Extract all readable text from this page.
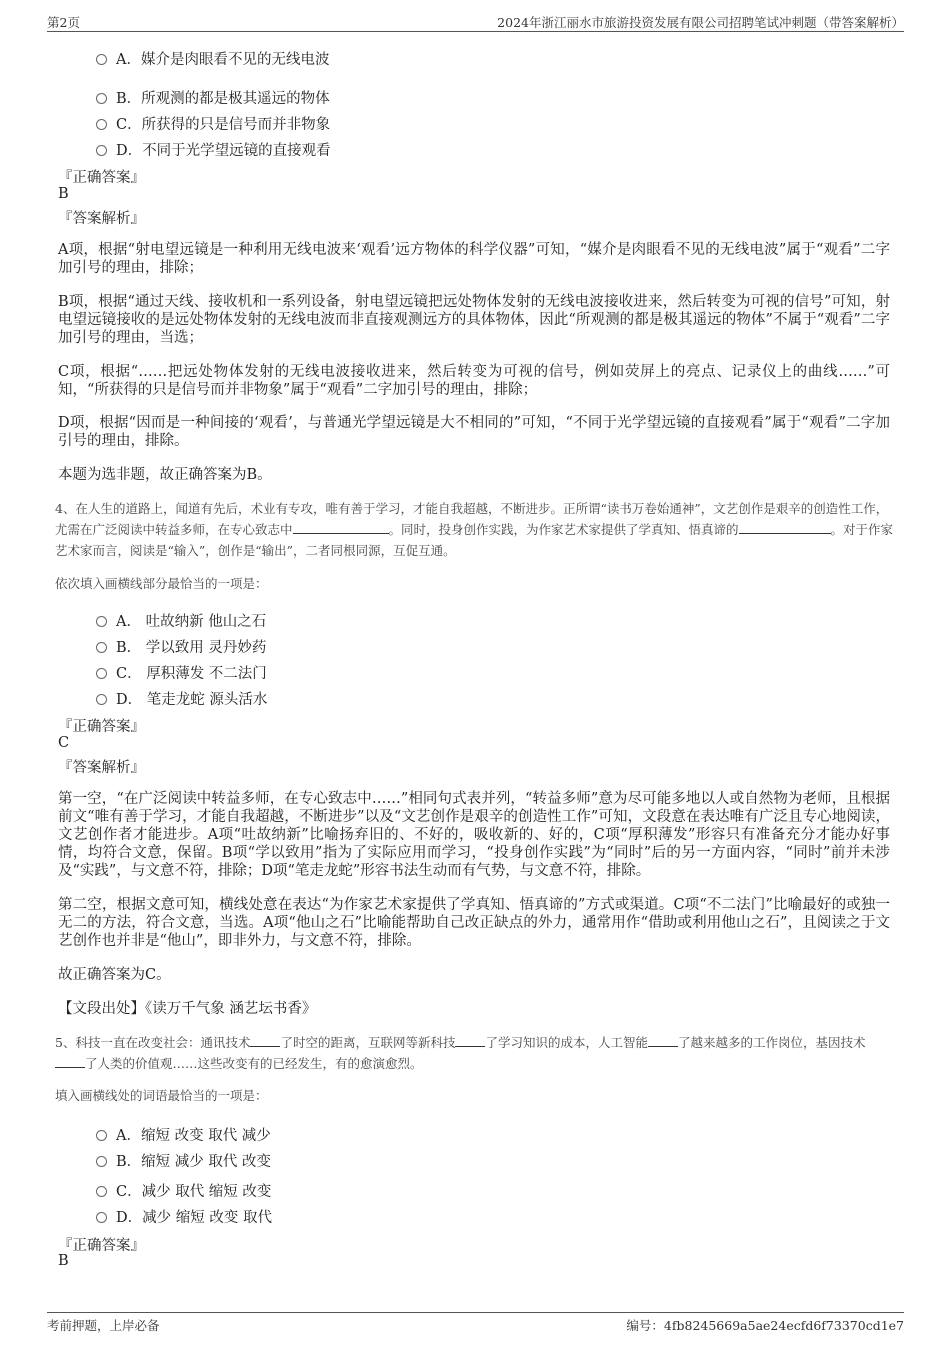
第2页	2024年浙江丽水市旅游投资发展有限公司招聘笔试冲刺题（带答案解析）
A．媒介是肉眼看不见的无线电波
B．所观测的都是极其遥远的物体
C．所获得的只是信号而并非物象
D．不同于光学望远镜的直接观看
『正确答案』
B
『答案解析』
A项，根据“射电望远镜是一种利用无线电波来‘观看’远方物体的科学仪器”可知，“媒介是肉眼看不见的无线电波”属于“观看”二字加引号的理由，排除；
B项，根据“通过天线、接收机和一系列设备，射电望远镜把远处物体发射的无线电波接收进来，然后转变为可视的信号”可知，射电望远镜接收的是远处物体发射的无线电波而非直接观测远方的具体物体，因此“所观测的都是极其遥远的物体”不属于“观看”二字加引号的理由，当选；
C项，根据“……把远处物体发射的无线电波接收进来，然后转变为可视的信号，例如荧屏上的亮点、记录仪上的曲线……”可知，“所获得的只是信号而并非物象”属于“观看”二字加引号的理由，排除；
D项，根据“因而是一种间接的‘观看’，与普通光学望远镜是大不相同的”可知，“不同于光学望远镜的直接观看”属于“观看”二字加引号的理由，排除。
本题为选非题，故正确答案为B。
4、在人生的道路上，闻道有先后，术业有专攻，唯有善于学习，才能自我超越，不断进步。正所谓“读书万卷始通神”，文艺创作是艰辛的创造性工作，尤需在广泛阅读中转益多师，在专心致志中	。同时，投身创作实践，为作家艺术家提供了学真知、悟真谛的	。对于作家艺术家而言，阅读是“输入”，创作是“输出”，二者同根同源，互促互通。
依次填入画横线部分最恰当的一项是：
A． 吐故纳新 他山之石
B． 学以致用 灵丹妙药
C． 厚积薄发 不二法门
D． 笔走龙蛇 源头活水
『正确答案』
C
『答案解析』
第一空，“在广泛阅读中转益多师，在专心致志中……”相同句式表并列，“转益多师”意为尽可能多地以人或自然物为老师，且根据前文“唯有善于学习，才能自我超越，不断进步”以及“文艺创作是艰辛的创造性工作”可知，文段意在表达唯有广泛且专心地阅读，文艺创作者才能进步。A项“吐故纳新”比喻扬弃旧的、不好的，吸收新的、好的，C项“厚积薄发”形容只有准备充分才能办好事情，均符合文意，保留。B项“学以致用”指为了实际应用而学习，“投身创作实践”为“同时”后的另一方面内容，“同时”前并未涉及“实践”，与文意不符，排除；D项“笔走龙蛇”形容书法生动而有气势，与文意不符，排除。
第二空，根据文意可知，横线处意在表达“为作家艺术家提供了学真知、悟真谛的”方式或渠道。C项“不二法门”比喻最好的或独一无二的方法，符合文意，当选。A项“他山之石”比喻能帮助自己改正缺点的外力，通常用作“借助或利用他山之石”，且阅读之于文艺创作也并非是“他山”，即非外力，与文意不符，排除。
故正确答案为C。
【文段出处】《读万千气象 涵艺坛书香》
5、科技一直在改变社会：通讯技术 了时空的距离，互联网等新科技 了学习知识的成本，人工智能 了越来越多的工作岗位，基因技术了人类的价值观……这些改变有的已经发生，有的愈演愈烈。
填入画横线处的词语最恰当的一项是：
A．缩短 改变 取代 减少
B．缩短 减少 取代 改变
C．减少 取代 缩短 改变
D．减少 缩短 改变 取代
『正确答案』
B
考前押题，上岸必备	编号：4fb8245669a5ae24ecfd6f73370cd1e7
